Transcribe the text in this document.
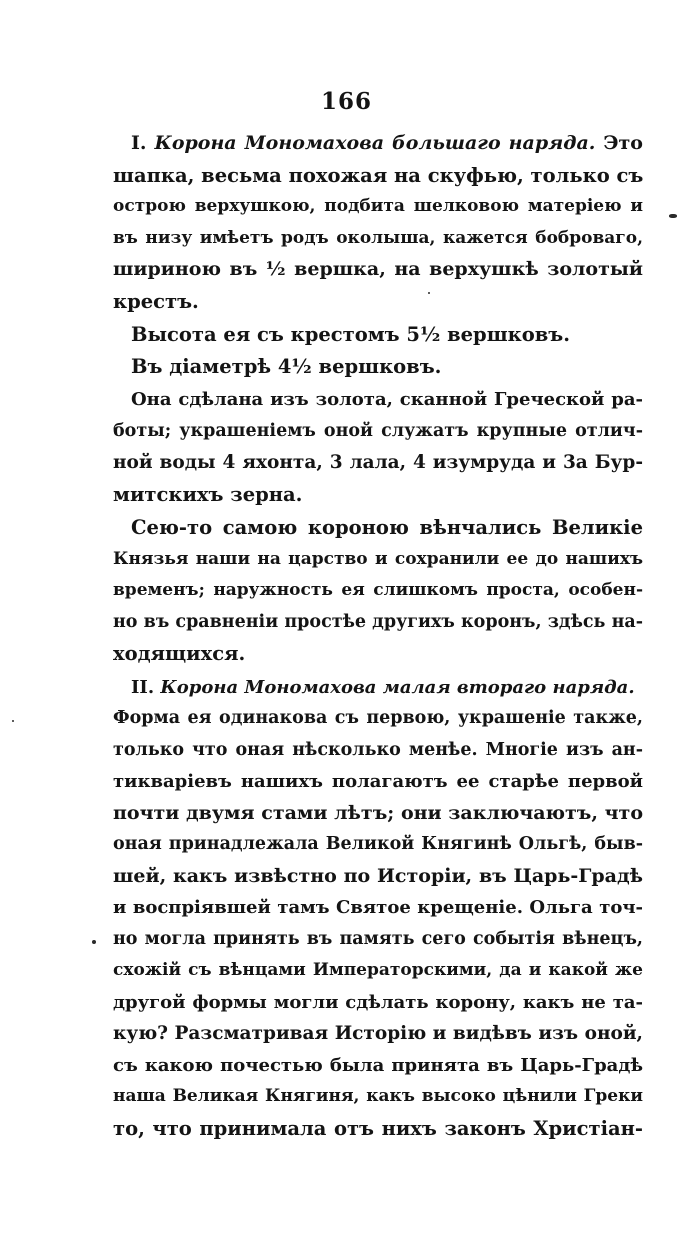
166
I. Корона Мономахова большаго наряда. Это
шапка, весьма похожая на скуфью, только съ
острою верхушкою, подбита шелковою матеріею и
въ низу имѣетъ родъ околыша, кажется боброваго,
шириною въ ½ вершка, на верхушкѣ золотый
крестъ.
Высота ея съ крестомъ 5½ вершковъ.
Въ діаметрѣ 4½ вершковъ.
Она сдѣлана изъ золота, сканной Греческой ра-
боты; украшеніемъ оной служатъ крупные отлич-
ной воды 4 яхонта, 3 лала, 4 изумруда и 3а Бур-
митскихъ зерна.
Сею-то самою короною вѣнчались Великіе
Князья наши на царство и сохранили ее до нашихъ
временъ; наружность ея слишкомъ проста, особен-
но въ сравненіи простѣе другихъ коронъ, здѣсь на-
ходящихся.
II. Корона Мономахова малая втораго наряда.
Форма ея одинакова съ первою, украшеніе также,
только что оная нѣсколько менѣе. Многіе изъ ан-
тикваріевъ нашихъ полагаютъ ее старѣе первой
почти двумя стами лѣтъ; они заключаютъ, что
оная принадлежала Великой Княгинѣ Ольгѣ, быв-
шей, какъ извѣстно по Исторіи, въ Царь-Градѣ
и воспріявшей тамъ Святое крещеніе. Ольга точ-
но могла принять въ память сего событія вѣнецъ,
схожій съ вѣнцами Императорскими, да и какой же
другой формы могли сдѣлать корону, какъ не та-
кую? Разсматривая Исторію и видѣвъ изъ оной,
съ какою почестью была принята въ Царь-Градѣ
наша Великая Княгиня, какъ высоко цѣнили Греки
то, что принимала отъ нихъ законъ Христіан-
